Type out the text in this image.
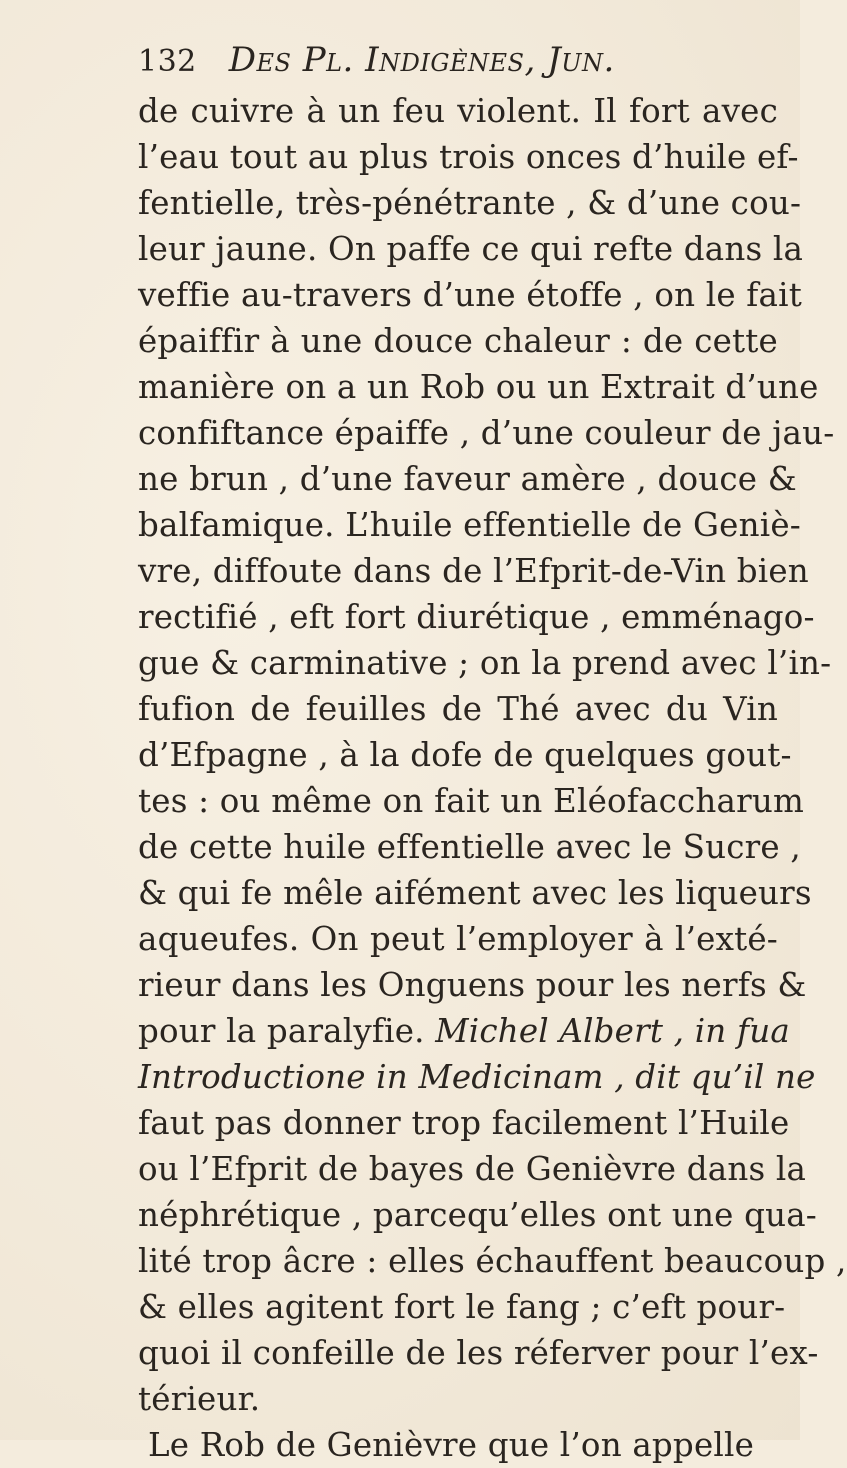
132 Des Pl. Indigènes, Jun.
de cuivre à un feu violent. Il fort avec
l’eau tout au plus trois onces d’huile ef-
fentielle, très-pénétrante , & d’une cou-
leur jaune. On paffe ce qui refte dans la
veffie au-travers d’une étoffe , on le fait
épaiffir à une douce chaleur : de cette
manière on a un Rob ou un Extrait d’une
confiftance épaiffe , d’une couleur de jau-
ne brun , d’une faveur amère , douce &
balfamique. L’huile effentielle de Geniè-
vre, diffoute dans de l’Efprit-de-Vin bien
rectifié , eft fort diurétique , emménago-
gue & carminative ; on la prend avec l’in-
fufion de feuilles de Thé avec du Vin
d’Efpagne , à la dofe de quelques gout-
tes : ou même on fait un Eléofaccharum
de cette huile effentielle avec le Sucre ,
& qui fe mêle aifément avec les liqueurs
aqueufes. On peut l’employer à l’exté-
rieur dans les Onguens pour les nerfs &
pour la paralyfie. Michel Albert , in fua
Introductione in Medicinam , dit qu’il ne
faut pas donner trop facilement l’Huile
ou l’Efprit de bayes de Genièvre dans la
néphrétique , parcequ’elles ont une qua-
lité trop âcre : elles échauffent beaucoup ,
& elles agitent fort le fang ; c’eft pour-
quoi il confeille de les réferver pour l’ex-
térieur.
Le Rob de Genièvre que l’on appelle
